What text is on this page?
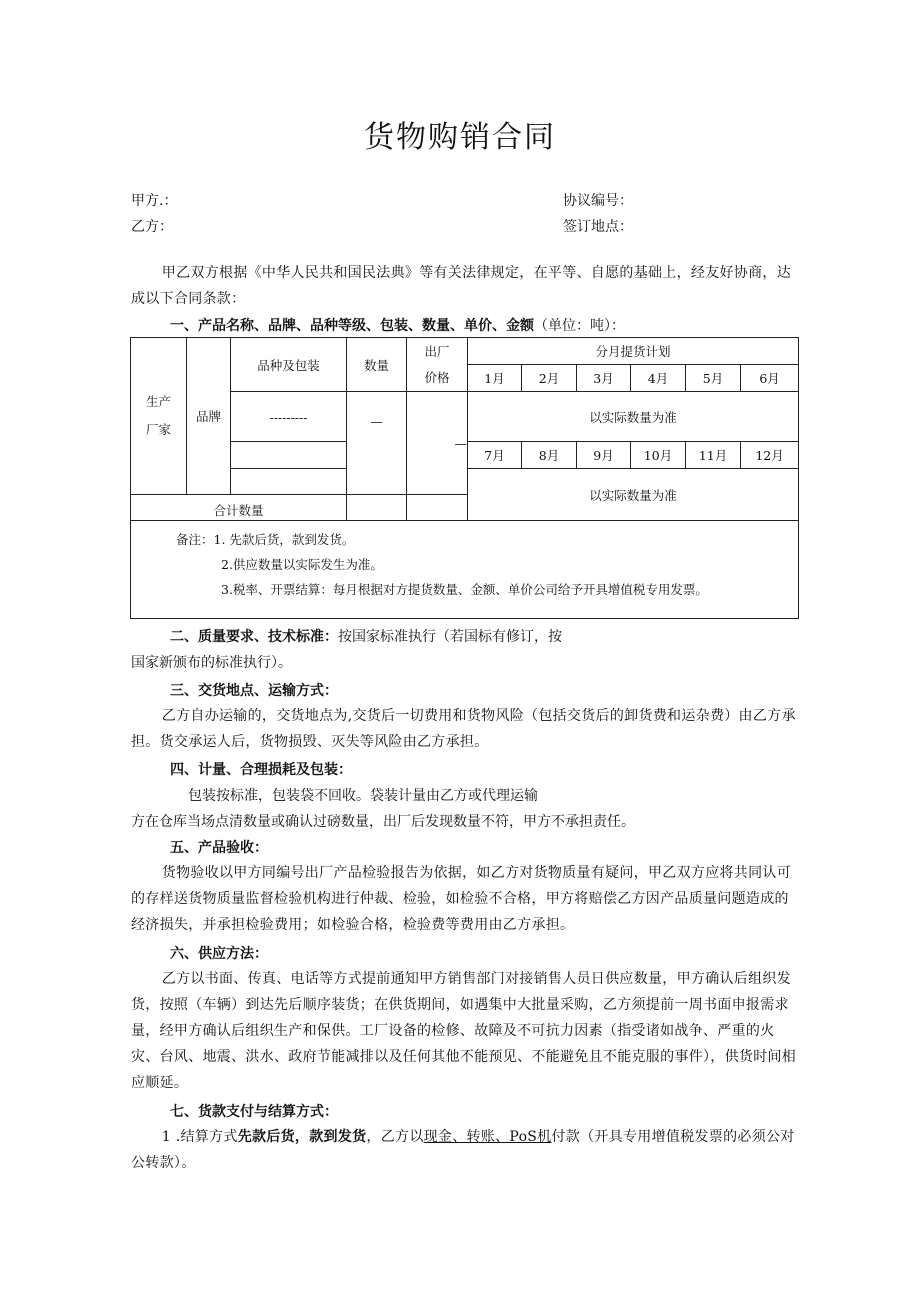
货物购销合同
甲方.：
乙方：
协议编号：
签订地点：
甲乙双方根据《中华人民共和国民法典》等有关法律规定，在平等、自愿的基础上，经友好协商，达成以下合同条款：
一、产品名称、品牌、品种等级、包装、数量、单价、金额（单位：吨）：
生产厂家	品牌	品种及包装	数量	出厂价格	分月提货计划					
					1月	2月	3月	4月	5月	6月
		---------	—	—	以实际数量为准					
					7月	8月	9月	10月	11月	12月
					以实际数量为准					
合计数量										

备注：1. 先款后货，款到发货。
2.供应数量以实际发生为准。
3.税率、开票结算：每月根据对方提货数量、金额、单价公司给予开具增值税专用发票。										
二、质量要求、技术标准：按国家标准执行（若国标有修订，按
国家新颁布的标准执行）。
三、交货地点、运输方式：
乙方自办运输的，交货地点为,交货后一切费用和货物风险（包括交货后的卸货费和运杂费）由乙方承担。货交承运人后，货物损毁、灭失等风险由乙方承担。
四、计量、合理损耗及包装：
包装按标准，包装袋不回收。袋装计量由乙方或代理运输
方在仓库当场点清数量或确认过磅数量，出厂后发现数量不符，甲方不承担责任。
五、产品验收：
货物验收以甲方同编号出厂产品检验报告为依据，如乙方对货物质量有疑问，甲乙双方应将共同认可的存样送货物质量监督检验机构进行仲裁、检验，如检验不合格，甲方将赔偿乙方因产品质量问题造成的经济损失，并承担检验费用；如检验合格，检验费等费用由乙方承担。
六、供应方法：
乙方以书面、传真、电话等方式提前通知甲方销售部门对接销售人员日供应数量，甲方确认后组织发货，按照（车辆）到达先后顺序装货；在供货期间，如遇集中大批量采购，乙方须提前一周书面申报需求量，经甲方确认后组织生产和保供。工厂设备的检修、故障及不可抗力因素（指受诸如战争、严重的火灾、台风、地震、洪水、政府节能减排以及任何其他不能预见、不能避免且不能克服的事件），供货时间相应顺延。
七、货款支付与结算方式：
1 .结算方式先款后货，款到发货，乙方以现金、转账、PoS机付款（开具专用增值税发票的必须公对公转款）。
